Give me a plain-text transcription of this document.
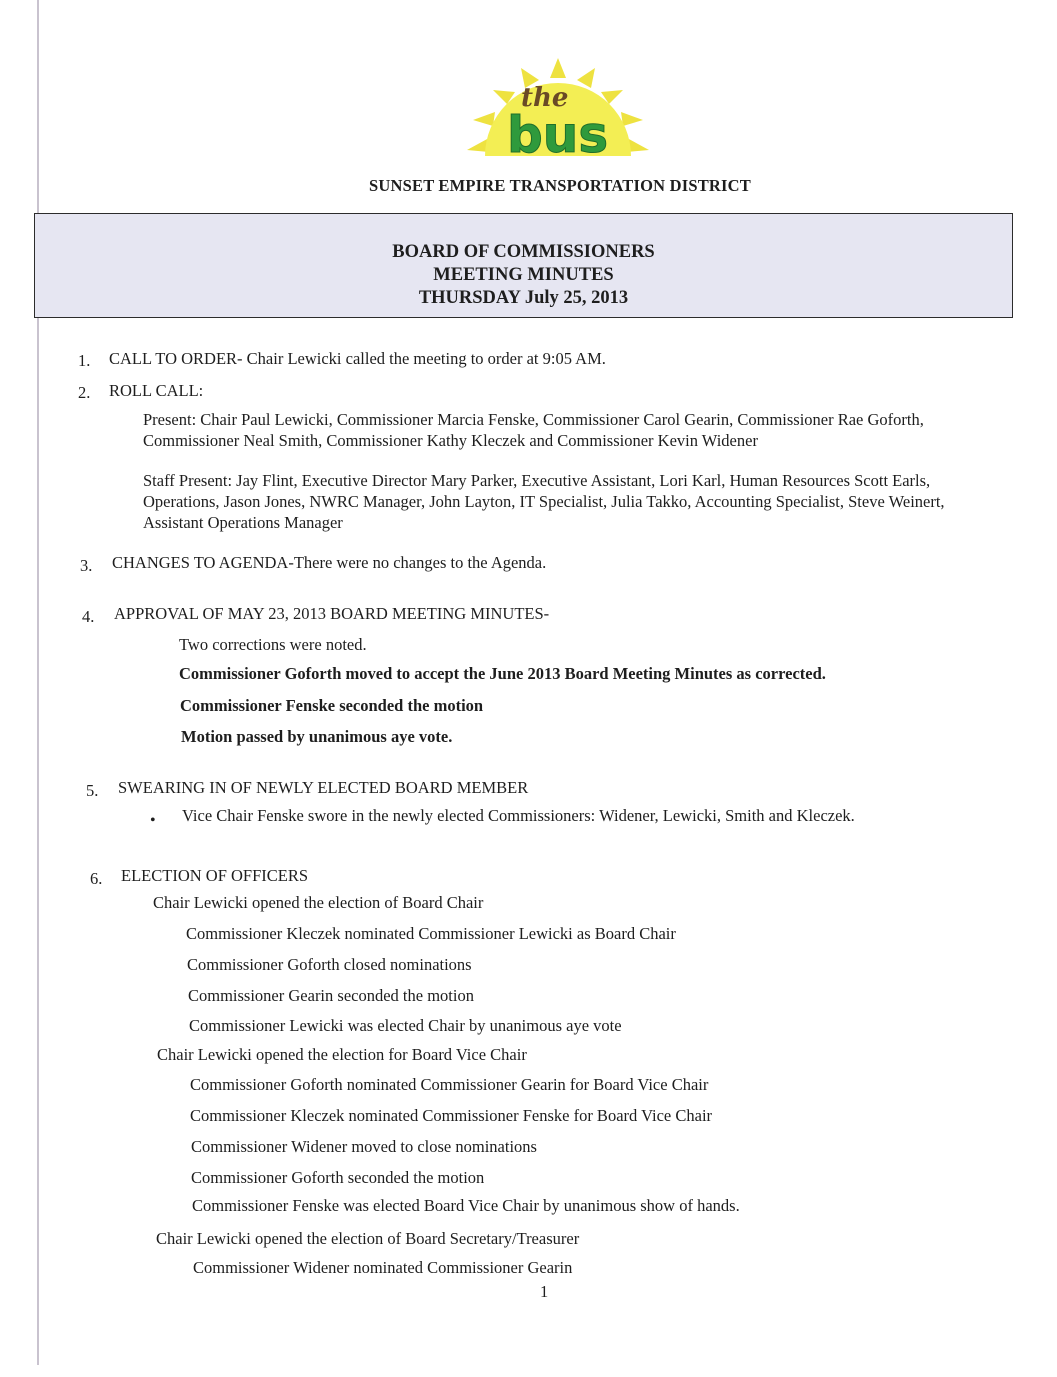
the
bus
SUNSET EMPIRE TRANSPORTATION DISTRICT
BOARD OF COMMISSIONERS
MEETING MINUTES
THURSDAY July 25, 2013
1. CALL TO ORDER- Chair Lewicki called the meeting to order at 9:05 AM.
2. ROLL CALL:
Present: Chair Paul Lewicki, Commissioner Marcia Fenske, Commissioner Carol Gearin, Commissioner Rae Goforth, Commissioner Neal Smith, Commissioner Kathy Kleczek and Commissioner Kevin Widener
Staff Present: Jay Flint, Executive Director Mary Parker, Executive Assistant, Lori Karl, Human Resources Scott Earls, Operations, Jason Jones, NWRC Manager, John Layton, IT Specialist, Julia Takko, Accounting Specialist, Steve Weinert, Assistant Operations Manager
3. CHANGES TO AGENDA-There were no changes to the Agenda.
4. APPROVAL OF MAY 23, 2013 BOARD MEETING MINUTES-
Two corrections were noted.
Commissioner Goforth moved to accept the June 2013 Board Meeting Minutes as corrected.
Commissioner Fenske seconded the motion
Motion passed by unanimous aye vote.
5. SWEARING IN OF NEWLY ELECTED BOARD MEMBER
• Vice Chair Fenske swore in the newly elected Commissioners: Widener, Lewicki, Smith and Kleczek.
6. ELECTION OF OFFICERS
Chair Lewicki opened the election of Board Chair
Commissioner Kleczek nominated Commissioner Lewicki as Board Chair
Commissioner Goforth closed nominations
Commissioner Gearin seconded the motion
Commissioner Lewicki was elected Chair by unanimous aye vote
Chair Lewicki opened the election for Board Vice Chair
Commissioner Goforth nominated Commissioner Gearin for Board Vice Chair
Commissioner Kleczek nominated Commissioner Fenske for Board Vice Chair
Commissioner Widener moved to close nominations
Commissioner Goforth seconded the motion
Commissioner Fenske was elected Board Vice Chair by unanimous show of hands.
Chair Lewicki opened the election of Board Secretary/Treasurer
Commissioner Widener nominated Commissioner Gearin
1
